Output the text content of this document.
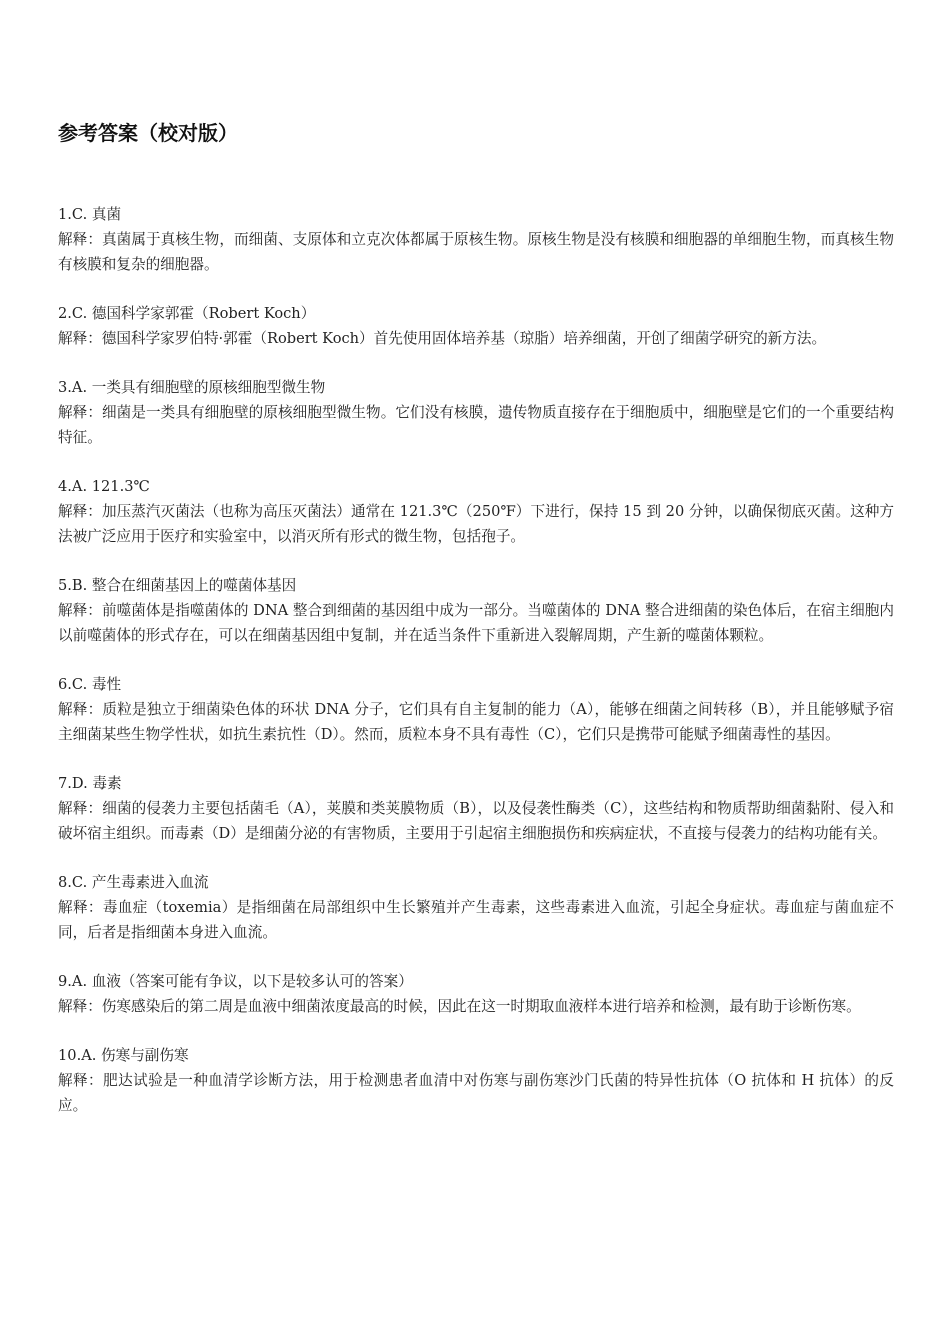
参考答案（校对版）

1.C. 真菌

解释：真菌属于真核生物，而细菌、支原体和立克次体都属于原核生物。原核生物是没有核膜和细胞器的单细胞生物，而真核生物有核膜和复杂的细胞器。

2.C. 德国科学家郭霍（Robert Koch）

解释：德国科学家罗伯特·郭霍（Robert Koch）首先使用固体培养基（琼脂）培养细菌，开创了细菌学研究的新方法。

3.A. 一类具有细胞壁的原核细胞型微生物

解释：细菌是一类具有细胞壁的原核细胞型微生物。它们没有核膜，遗传物质直接存在于细胞质中，细胞壁是它们的一个重要结构特征。

4.A. 121.3℃

解释：加压蒸汽灭菌法（也称为高压灭菌法）通常在 121.3℃（250℉）下进行，保持 15 到 20 分钟，以确保彻底灭菌。这种方法被广泛应用于医疗和实验室中，以消灭所有形式的微生物，包括孢子。

5.B. 整合在细菌基因上的噬菌体基因

解释：前噬菌体是指噬菌体的 DNA 整合到细菌的基因组中成为一部分。当噬菌体的 DNA 整合进细菌的染色体后，在宿主细胞内以前噬菌体的形式存在，可以在细菌基因组中复制，并在适当条件下重新进入裂解周期，产生新的噬菌体颗粒。

6.C. 毒性

解释：质粒是独立于细菌染色体的环状 DNA 分子，它们具有自主复制的能力（A），能够在细菌之间转移（B），并且能够赋予宿主细菌某些生物学性状，如抗生素抗性（D）。然而，质粒本身不具有毒性（C），它们只是携带可能赋予细菌毒性的基因。

7.D. 毒素

解释：细菌的侵袭力主要包括菌毛（A），荚膜和类荚膜物质（B），以及侵袭性酶类（C），这些结构和物质帮助细菌黏附、侵入和破坏宿主组织。而毒素（D）是细菌分泌的有害物质，主要用于引起宿主细胞损伤和疾病症状，不直接与侵袭力的结构功能有关。

8.C. 产生毒素进入血流

解释：毒血症（toxemia）是指细菌在局部组织中生长繁殖并产生毒素，这些毒素进入血流，引起全身症状。毒血症与菌血症不同，后者是指细菌本身进入血流。

9.A. 血液（答案可能有争议，以下是较多认可的答案）

解释：伤寒感染后的第二周是血液中细菌浓度最高的时候，因此在这一时期取血液样本进行培养和检测，最有助于诊断伤寒。

10.A. 伤寒与副伤寒

解释：肥达试验是一种血清学诊断方法，用于检测患者血清中对伤寒与副伤寒沙门氏菌的特异性抗体（O 抗体和 H 抗体）的反应。
